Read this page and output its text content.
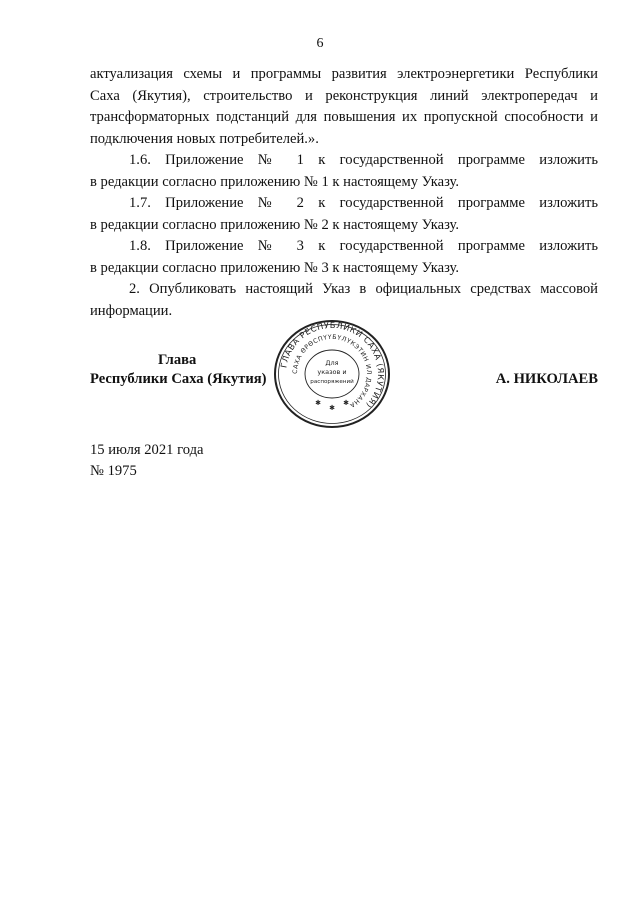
6

актуализация схемы и программы развития электроэнергетики Республики
Саха (Якутия), строительство и реконструкция линий электропередач и
трансформаторных подстанций для повышения их пропускной способности и
подключения новых потребителей.».

1.6. Приложение № 1 к государственной программе изложить
в редакции согласно приложению № 1 к настоящему Указу.

1.7. Приложение № 2 к государственной программе изложить
в редакции согласно приложению № 2 к настоящему Указу.

1.8. Приложение № 3 к государственной программе изложить
в редакции согласно приложению № 3 к настоящему Указу.

2. Опубликовать настоящий Указ в официальных средствах массовой
информации.

Глава
Республики Саха (Якутия)	А. НИКОЛАЕВ
ГЛАВА РЕСПУБЛИКИ САХА (ЯКУТИЯ)
САХА ӨРӨСПҮҮБҮЛҮКЭТИН ИЛ ДАРХАНА
Для
указов и
распоряжений
✱	✱
✱
15 июля 2021 года
№ 1975
